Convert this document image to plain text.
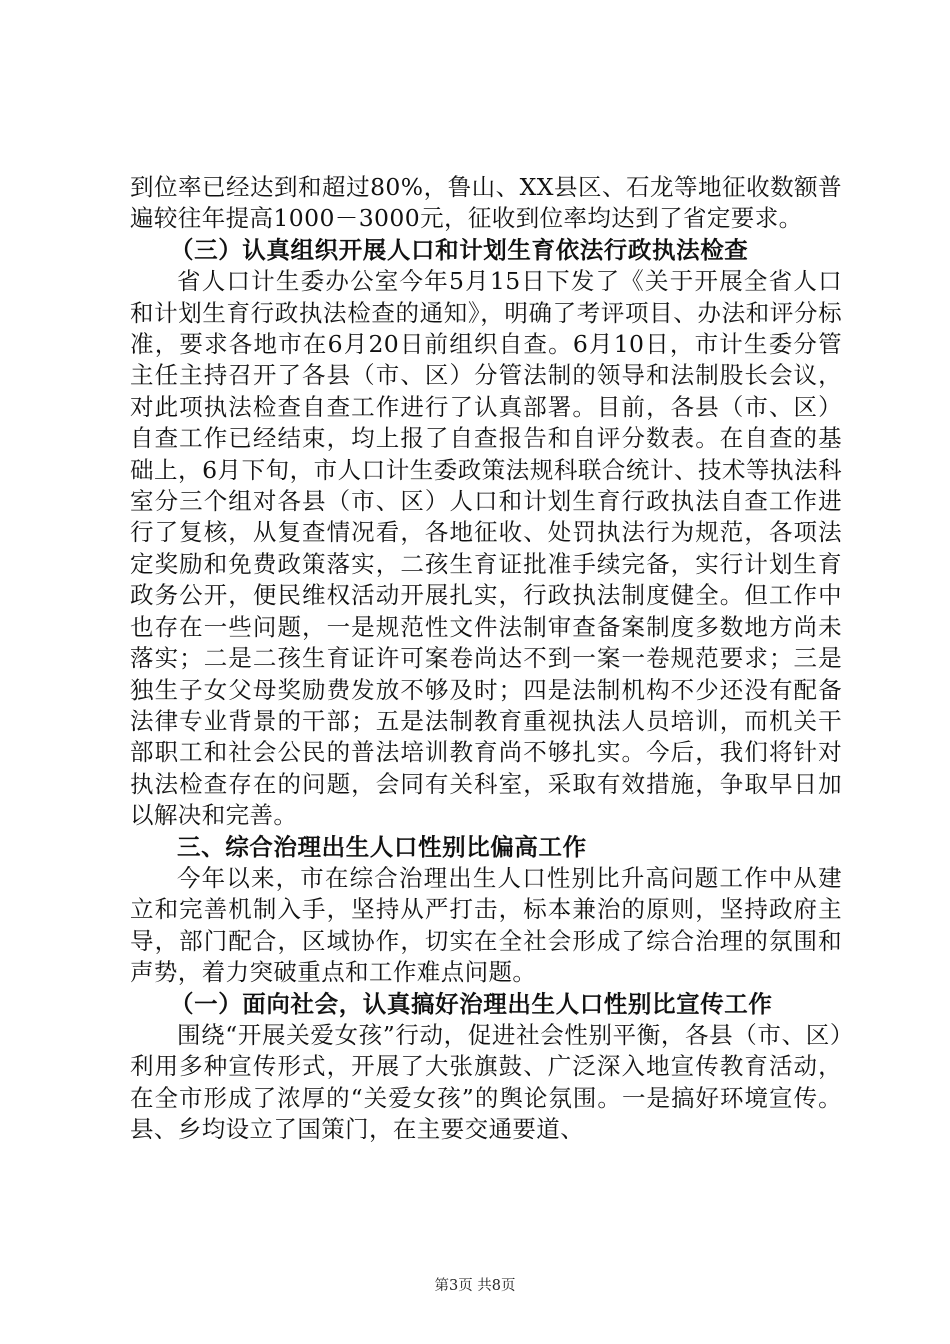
到位率已经达到和超过80%，鲁山、XX县区、石龙等地征收数额普遍较往年提高1000－3000元，征收到位率均达到了省定要求。

（三）认真组织开展人口和计划生育依法行政执法检查

省人口计生委办公室今年5月15日下发了《关于开展全省人口和计划生育行政执法检查的通知》，明确了考评项目、办法和评分标准，要求各地市在6月20日前组织自查。6月10日，市计生委分管主任主持召开了各县（市、区）分管法制的领导和法制股长会议，对此项执法检查自查工作进行了认真部署。目前，各县（市、区）自查工作已经结束，均上报了自查报告和自评分数表。在自查的基础上，6月下旬，市人口计生委政策法规科联合统计、技术等执法科室分三个组对各县（市、区）人口和计划生育行政执法自查工作进行了复核，从复查情况看，各地征收、处罚执法行为规范，各项法定奖励和免费政策落实，二孩生育证批准手续完备，实行计划生育政务公开，便民维权活动开展扎实，行政执法制度健全。但工作中也存在一些问题，一是规范性文件法制审查备案制度多数地方尚未落实；二是二孩生育证许可案卷尚达不到一案一卷规范要求；三是独生子女父母奖励费发放不够及时；四是法制机构不少还没有配备法律专业背景的干部；五是法制教育重视执法人员培训，而机关干部职工和社会公民的普法培训教育尚不够扎实。今后，我们将针对执法检查存在的问题，会同有关科室，采取有效措施，争取早日加以解决和完善。

三、综合治理出生人口性别比偏高工作

今年以来，市在综合治理出生人口性别比升高问题工作中从建立和完善机制入手，坚持从严打击，标本兼治的原则，坚持政府主导，部门配合，区域协作，切实在全社会形成了综合治理的氛围和声势，着力突破重点和工作难点问题。

（一）面向社会，认真搞好治理出生人口性别比宣传工作

围绕“开展关爱女孩”行动，促进社会性别平衡，各县（市、区）利用多种宣传形式，开展了大张旗鼓、广泛深入地宣传教育活动，在全市形成了浓厚的“关爱女孩”的舆论氛围。一是搞好环境宣传。县、乡均设立了国策门，在主要交通要道、

第3页 共8页
